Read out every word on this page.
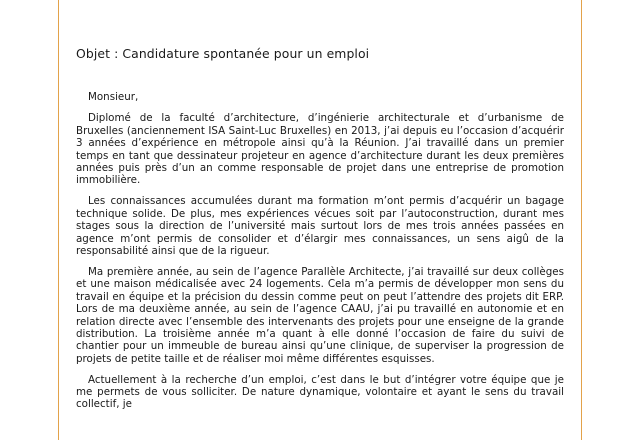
Objet : Candidature spontanée pour un emploi

Monsieur,

Diplomé de la faculté d’architecture, d’ingénierie architecturale et d’urbanisme de Bruxelles (anciennement ISA Saint-Luc Bruxelles) en 2013, j’ai depuis eu l’occasion d’acquérir 3 années d’expérience en métropole ainsi qu’à la Réunion. J’ai travaillé dans un premier temps en tant que dessinateur projeteur en agence d’architecture durant les deux premières années puis près d’un an comme responsable de projet dans une entreprise de promotion immobilière.

Les connaissances accumulées durant ma formation m’ont permis d’acquérir un bagage technique solide. De plus, mes expériences vécues soit par l’autoconstruction, durant mes stages sous la direction de l’université mais surtout lors de mes trois années passées en agence m’ont permis de consolider et d’élargir mes connaissances, un sens aigû de la responsabilité ainsi que de la rigueur.

Ma première année, au sein de l’agence Parallèle Architecte, j’ai travaillé sur deux collèges et une maison médicalisée avec 24 logements. Cela m’a permis de développer mon sens du travail en équipe et la précision du dessin comme peut on peut l’attendre des projets dit ERP. Lors de ma deuxième année, au sein de l’agence CAAU, j’ai pu travaillé en autonomie et en relation directe avec l’ensemble des intervenants des projets pour une enseigne de la grande distribution. La troisième année m’a quant à elle donné l’occasion de faire du suivi de chantier pour un immeuble de bureau ainsi qu’une clinique, de superviser la progression de projets de petite taille et de réaliser moi même différentes esquisses.

Actuellement à la recherche d’un emploi, c’est dans le but d’intégrer votre équipe que je me permets de vous solliciter. De nature dynamique, volontaire et ayant le sens du travail collectif, je
